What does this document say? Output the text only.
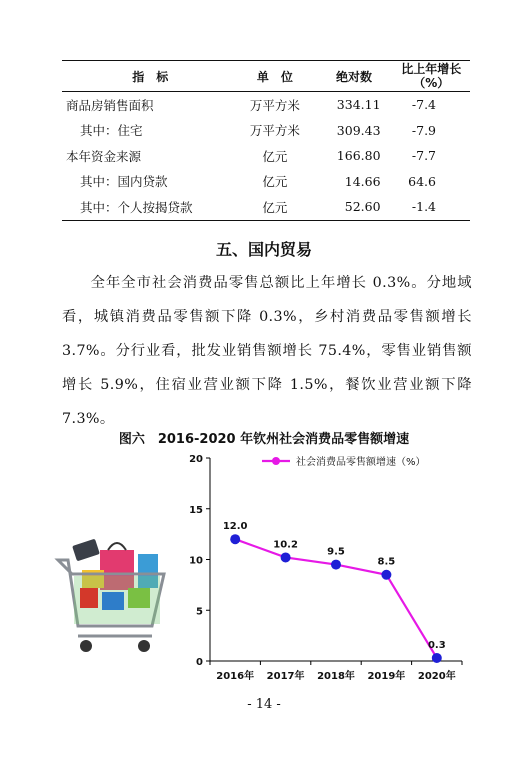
指　标	单　位	绝对数	比上年增长（%）
商品房销售面积	万平方米	334.11	-7.4
其中：住宅	万平方米	309.43	-7.9
本年资金来源	亿元	166.80	-7.7
其中：国内贷款	亿元	14.66	64.6
其中：个人按揭贷款	亿元	52.60	-1.4
五、国内贸易

全年全市社会消费品零售总额比上年增长 0.3%。分地域看，城镇消费品零售额下降 0.3%，乡村消费品零售额增长 3.7%。分行业看，批发业销售额增长 75.4%，零售业销售额增长 5.9%，住宿业营业额下降 1.5%，餐饮业营业额下降 7.3%。

图六　2016-2020 年钦州社会消费品零售额增速
0
5
10
15
20
2016年 2017年 2018年 2019年 2020年
12.0
10.2
9.5
8.5
0.3
社会消费品零售额增速（%）
- 14 -
